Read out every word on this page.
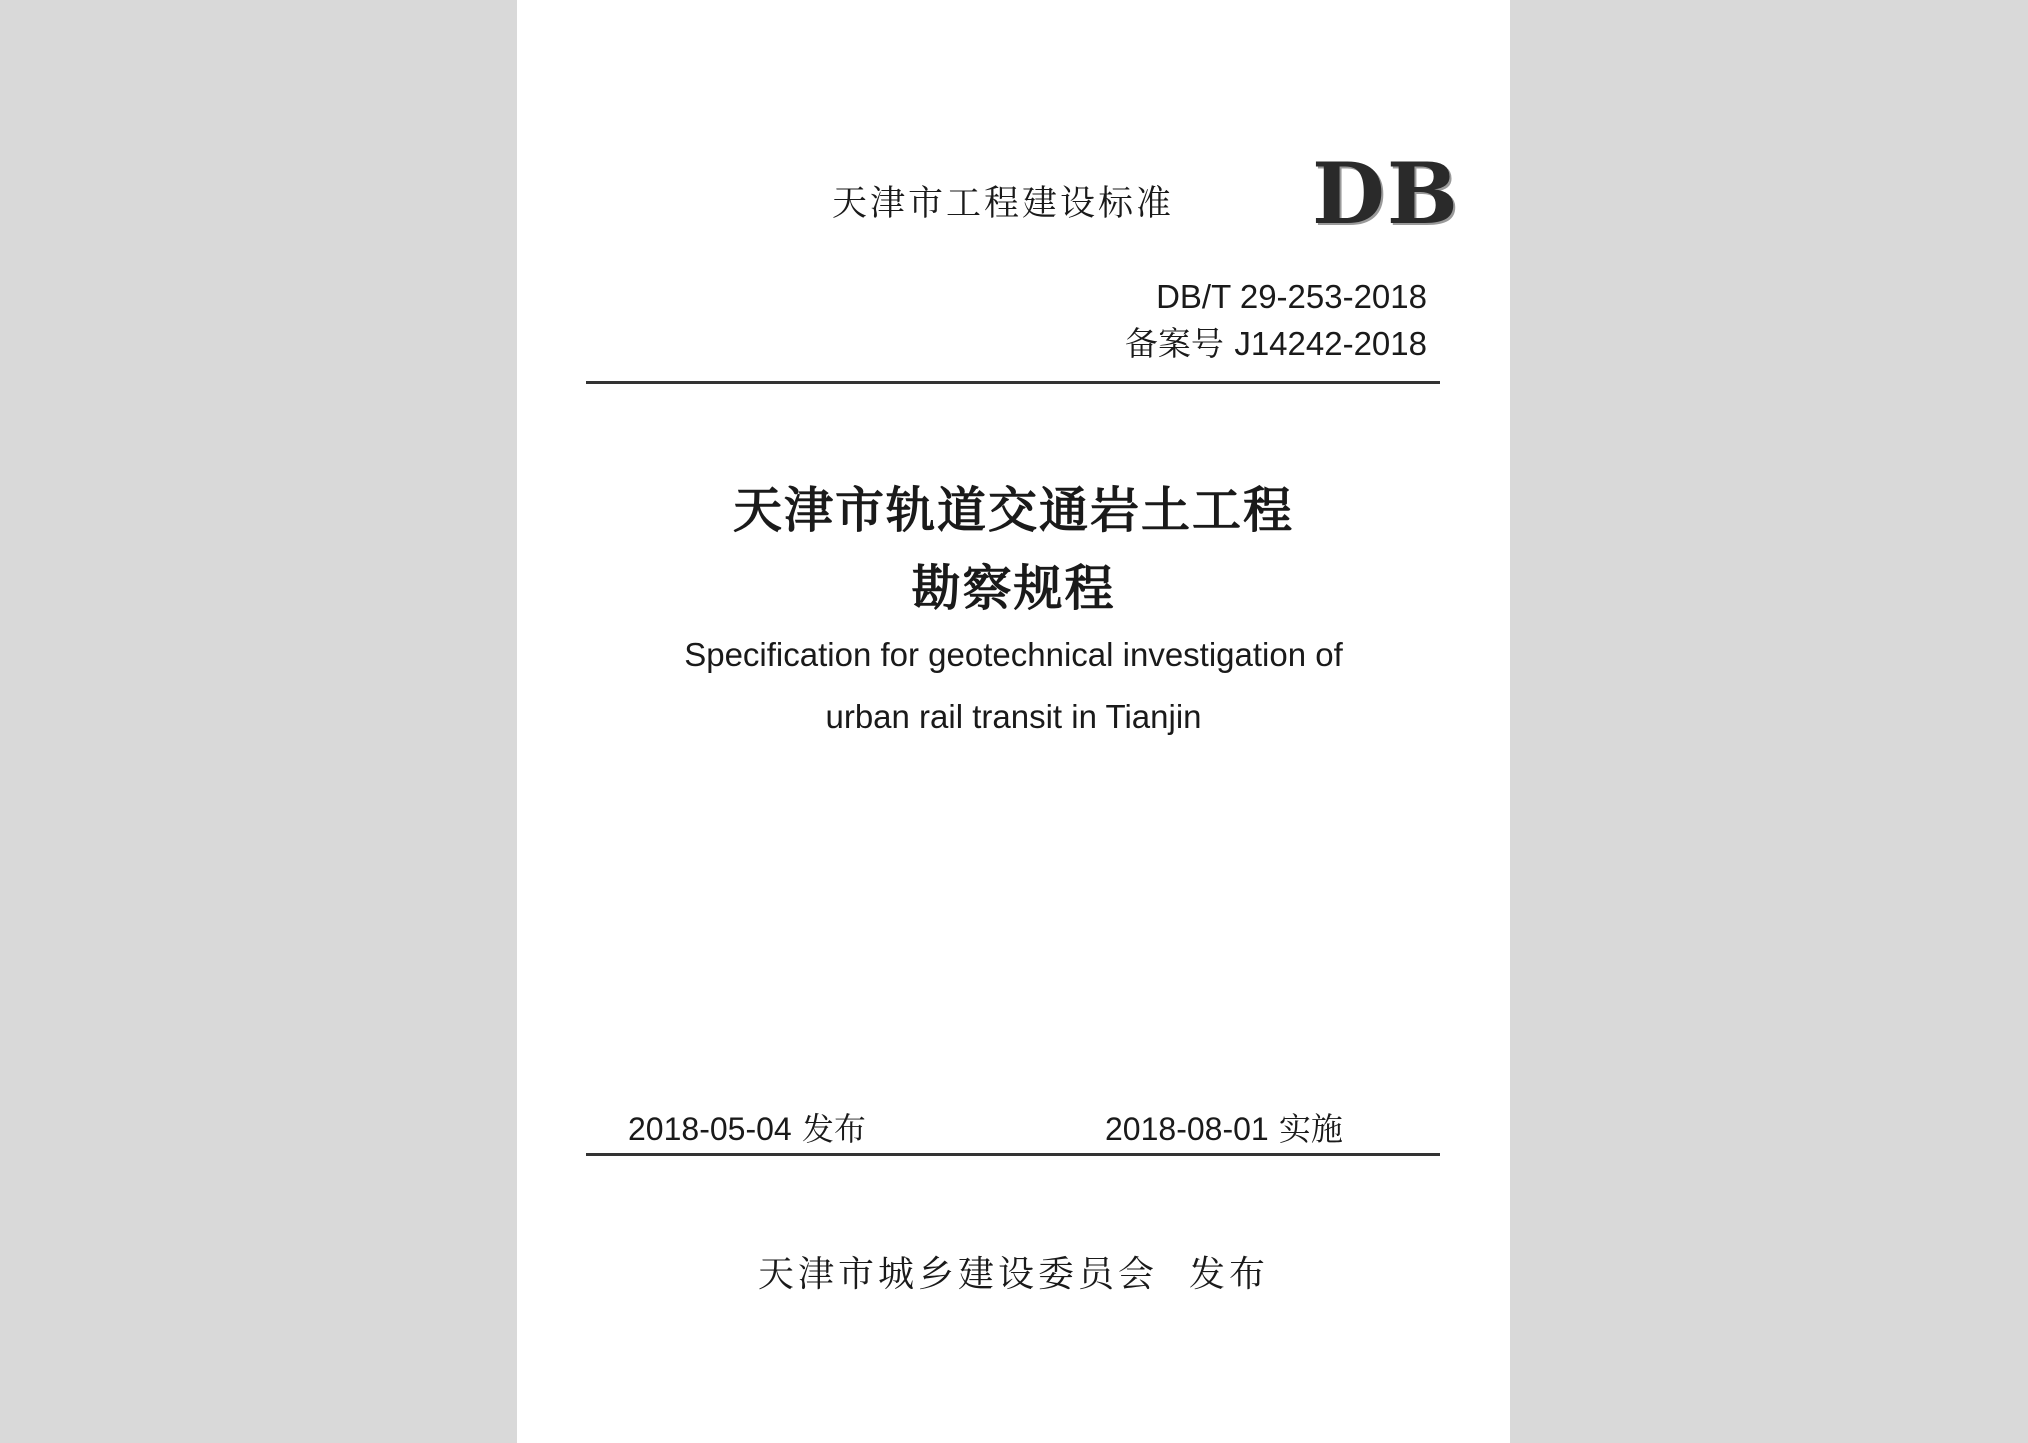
天津市工程建设标准 DB
DB/T 29-253-2018
备案号 J14242-2018
天津市轨道交通岩土工程
勘察规程
Specification for geotechnical investigation of
urban rail transit in Tianjin
2018-05-04 发布	2018-08-01 实施
天津市城乡建设委员会 发布
